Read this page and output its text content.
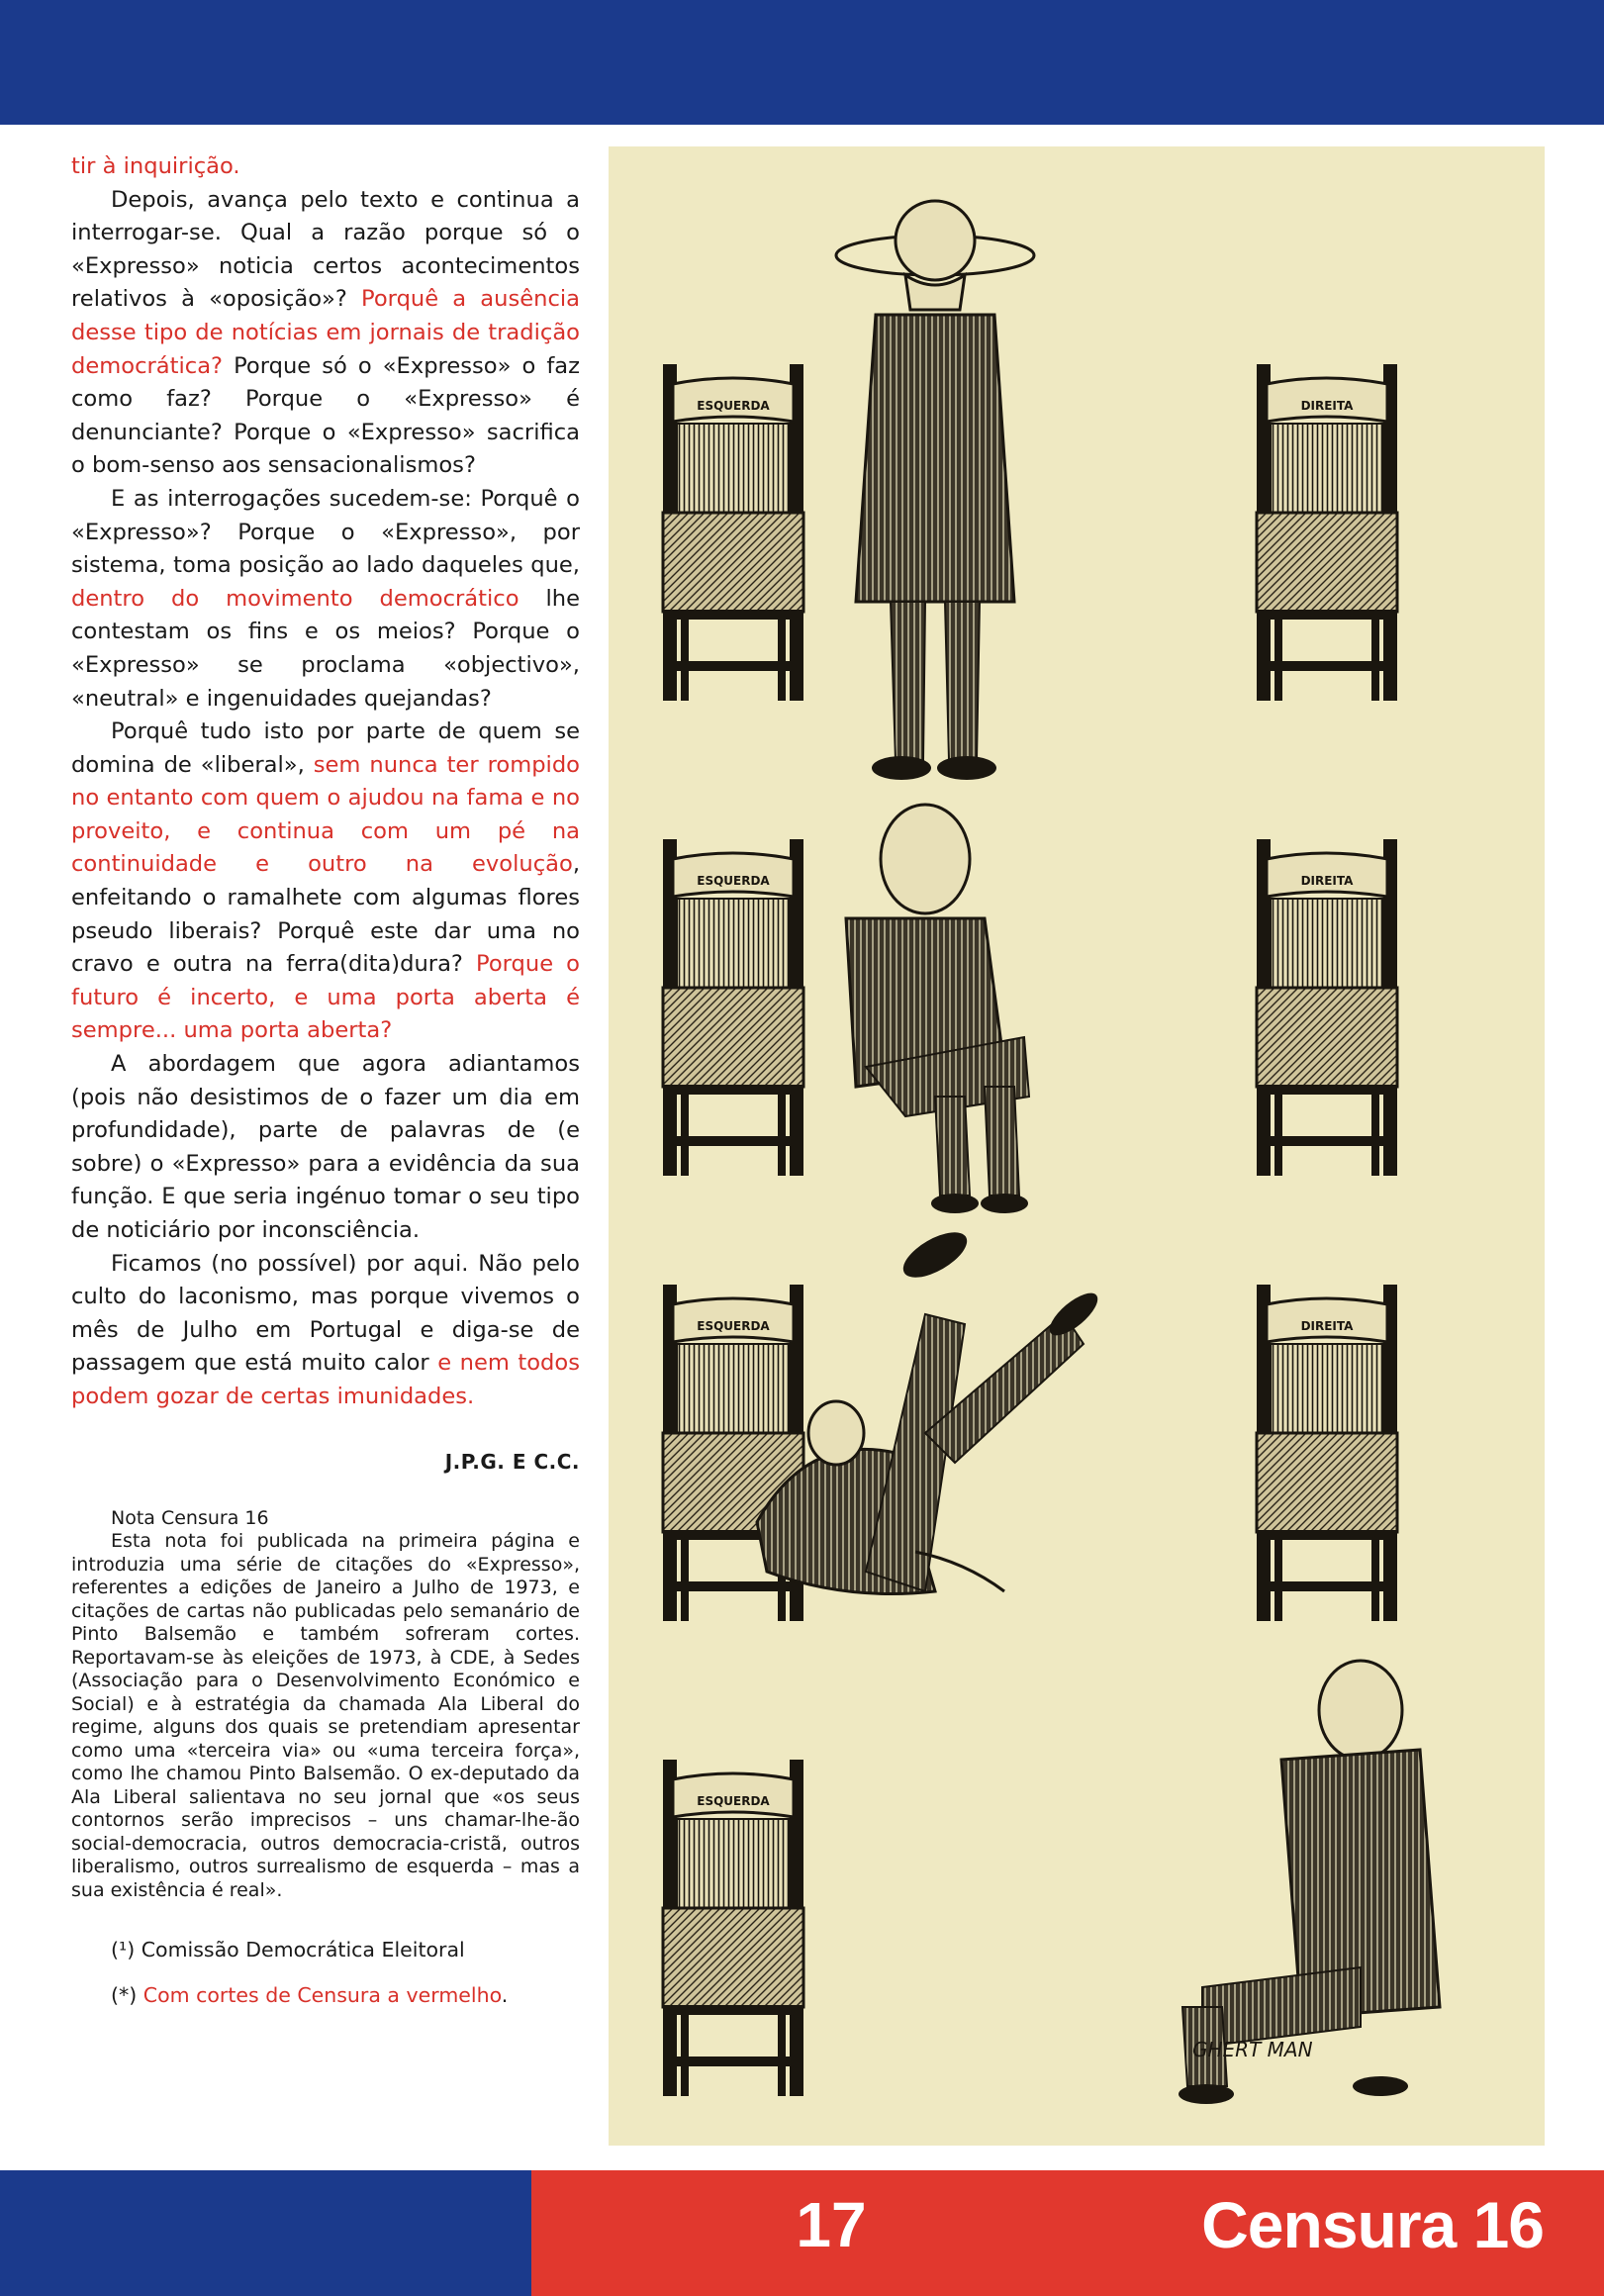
tir à inquirição.

Depois, avança pelo texto e continua a interrogar-se. Qual a razão porque só o «Expresso» noticia certos acontecimentos relativos à «oposição»? Porquê a ausência desse tipo de notícias em jornais de tradição democrática? Porque só o «Expresso» o faz como faz? Porque o «Expresso» é denunciante? Porque o «Expresso» sacrifica o bom-senso aos sensacionalismos?

E as interrogações sucedem-se: Porquê o «Expresso»? Porque o «Expresso», por sistema, toma posição ao lado daqueles que, dentro do movimento democrático lhe contestam os fins e os meios? Porque o «Expresso» se proclama «objectivo», «neutral» e ingenuidades quejandas?

Porquê tudo isto por parte de quem se domina de «liberal», sem nunca ter rompido no entanto com quem o ajudou na fama e no proveito, e continua com um pé na continuidade e outro na evolução, enfeitando o ramalhete com algumas flores pseudo liberais? Porquê este dar uma no cravo e outra na ferra(dita)dura? Porque o futuro é incerto, e uma porta aberta é sempre... uma porta aberta?

A abordagem que agora adiantamos (pois não desistimos de o fazer um dia em profundidade), parte de palavras de (e sobre) o «Expresso» para a evidência da sua função. E que seria ingénuo tomar o seu tipo de noticiário por inconsciência.

Ficamos (no possível) por aqui. Não pelo culto do laconismo, mas porque vivemos o mês de Julho em Portugal e diga-se de passagem que está muito calor e nem todos podem gozar de certas imunidades.

J.P.G. E C.C.

Nota Censura 16
Esta nota foi publicada na primeira página e introduzia uma série de citações do «Expresso», referentes a edições de Janeiro a Julho de 1973, e citações de cartas não publicadas pelo semanário de Pinto Balsemão e também sofreram cortes. Reportavam-se às eleições de 1973, à CDE, à Sedes (Associação para o Desenvolvimento Económico e Social) e à estratégia da chamada Ala Liberal do regime, alguns dos quais se pretendiam apresentar como uma «terceira via» ou «uma terceira força», como lhe chamou Pinto Balsemão. O ex-deputado da Ala Liberal salientava no seu jornal que «os seus contornos serão imprecisos – uns chamar-lhe-ão social-democracia, outros democracia-cristã, outros liberalismo, outros surrealismo de esquerda – mas a sua existência é real».

(¹) Comissão Democrática Eleitoral

(*) Com cortes de Censura a vermelho.

ESQUERDA	DIREITA
ESQUERDA	DIREITA
ESQUERDA	DIREITA
ESQUERDA
GHERT MAN
17	Censura 16
